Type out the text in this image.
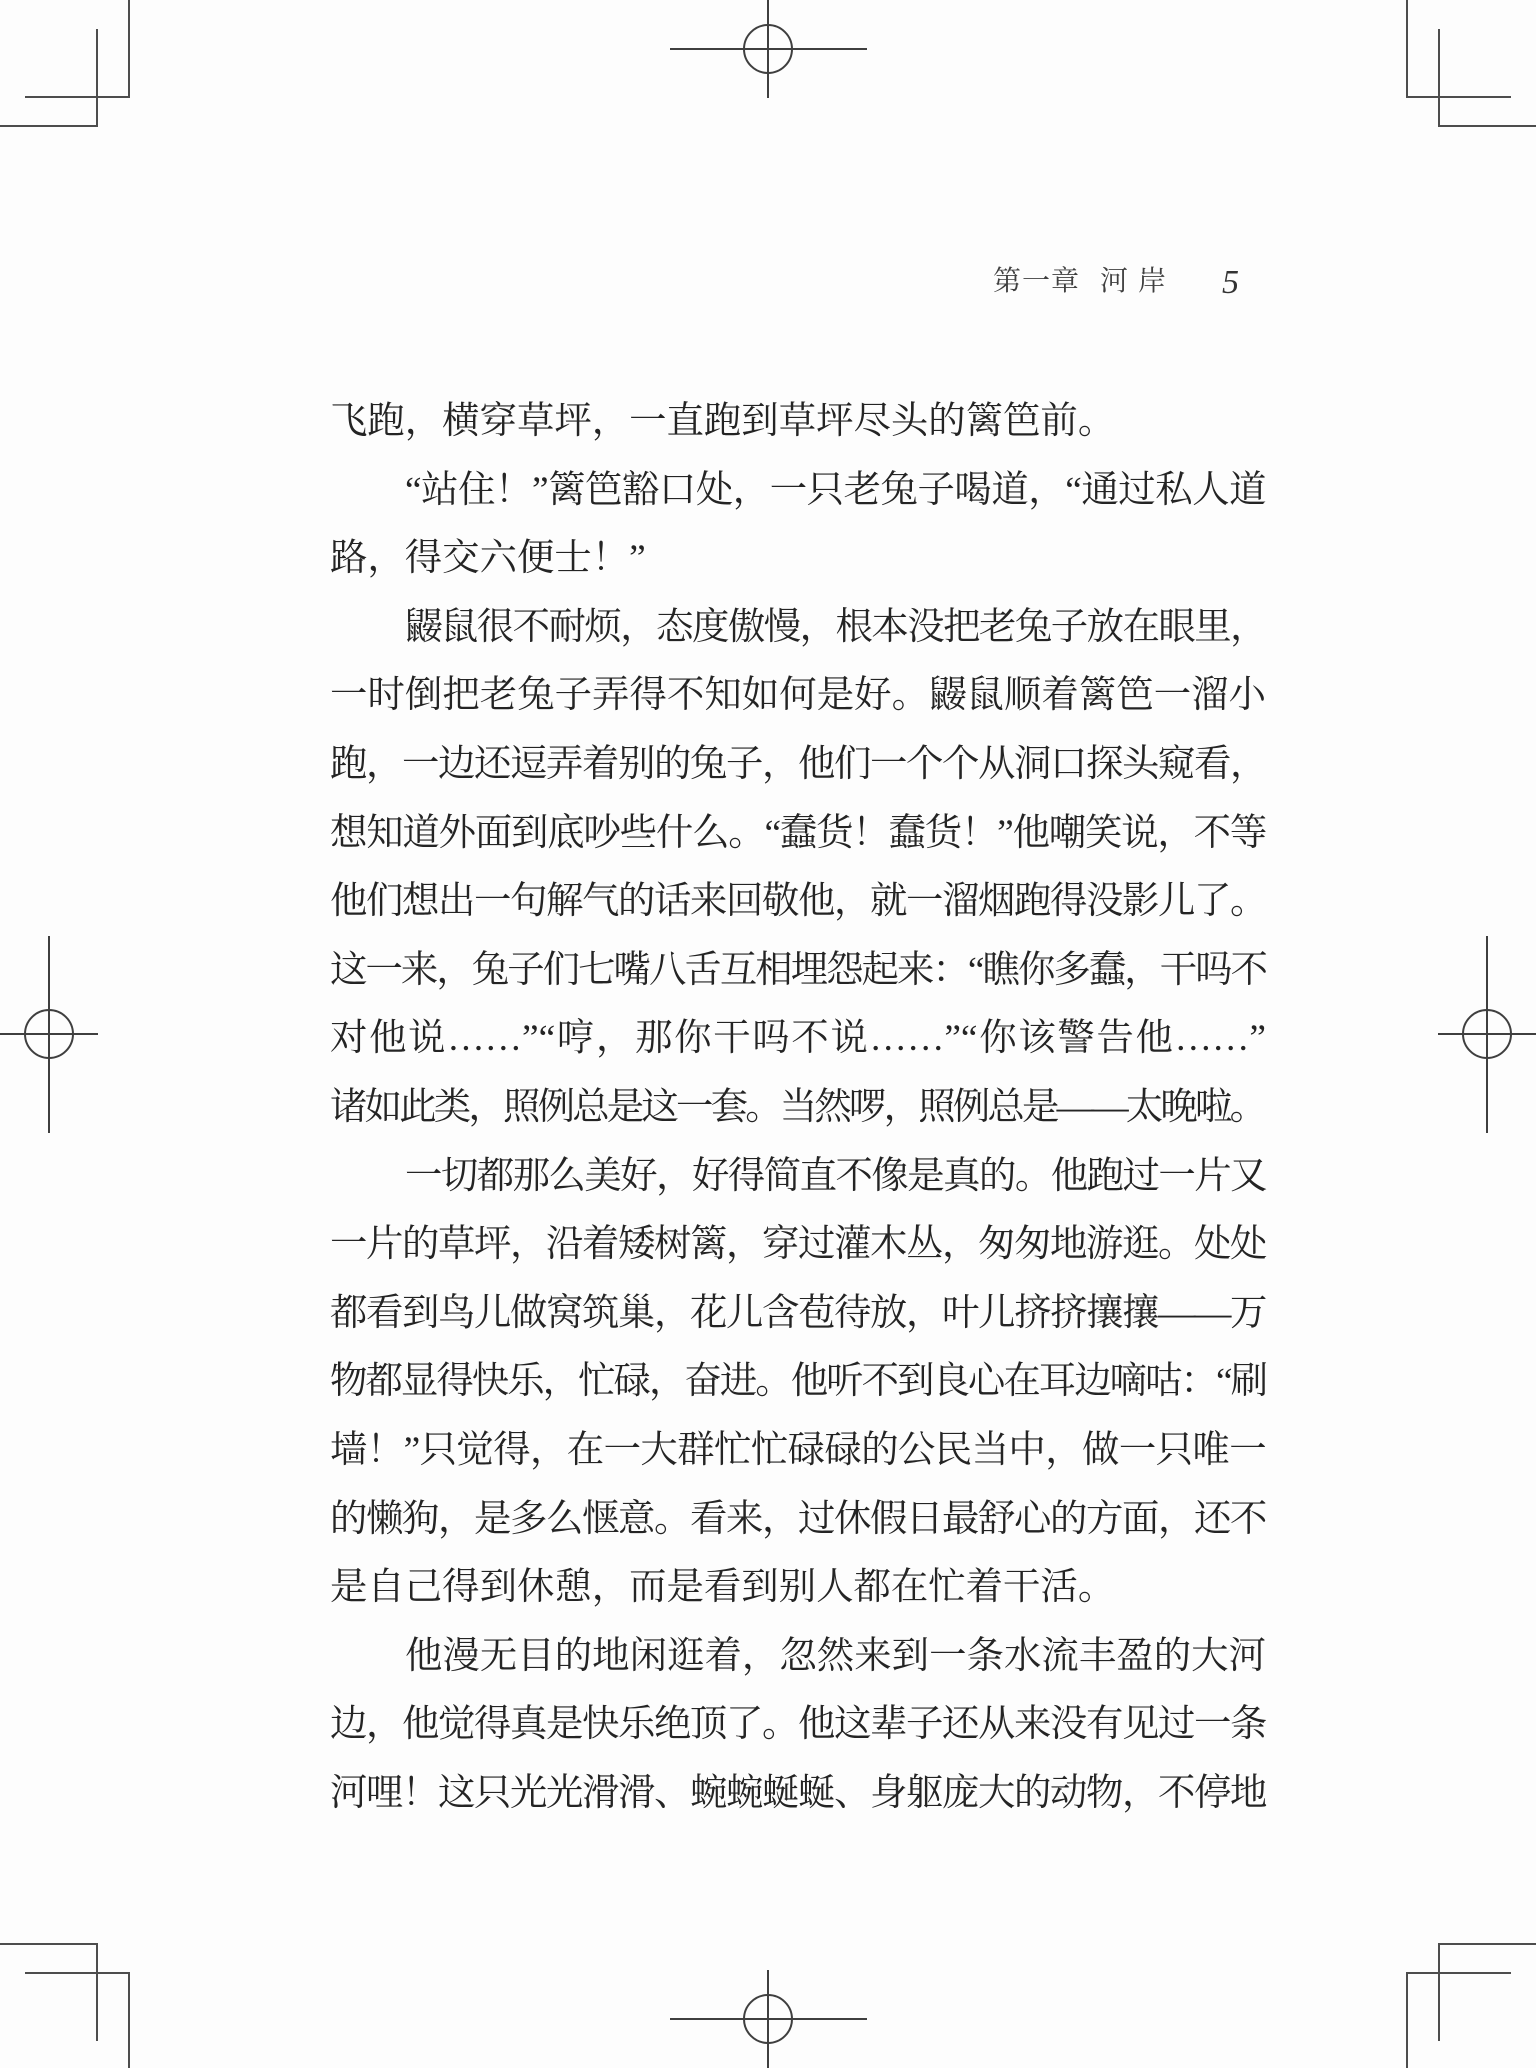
第一章 河岸 5
飞跑，横穿草坪，一直跑到草坪尽头的篱笆前。
“站住！”篱笆豁口处，一只老兔子喝道，“通过私人道
路，得交六便士！”
鼹鼠很不耐烦，态度傲慢，根本没把老兔子放在眼里，
一时倒把老兔子弄得不知如何是好。鼹鼠顺着篱笆一溜小
跑，一边还逗弄着别的兔子，他们一个个从洞口探头窥看，
想知道外面到底吵些什么。“蠢货！蠢货！”他嘲笑说，不等
他们想出一句解气的话来回敬他，就一溜烟跑得没影儿了。
这一来，兔子们七嘴八舌互相埋怨起来：“瞧你多蠢，干吗不
对他说……”“哼，那你干吗不说……”“你该警告他……”
诸如此类，照例总是这一套。当然啰，照例总是——太晚啦。
一切都那么美好，好得简直不像是真的。他跑过一片又
一片的草坪，沿着矮树篱，穿过灌木丛，匆匆地游逛。处处
都看到鸟儿做窝筑巢，花儿含苞待放，叶儿挤挤攘攘——万
物都显得快乐，忙碌，奋进。他听不到良心在耳边嘀咕：“刷
墙！”只觉得，在一大群忙忙碌碌的公民当中，做一只唯一
的懒狗，是多么惬意。看来，过休假日最舒心的方面，还不
是自己得到休憩，而是看到别人都在忙着干活。
他漫无目的地闲逛着，忽然来到一条水流丰盈的大河
边，他觉得真是快乐绝顶了。他这辈子还从来没有见过一条
河哩！这只光光滑滑、蜿蜿蜒蜒、身躯庞大的动物，不停地
